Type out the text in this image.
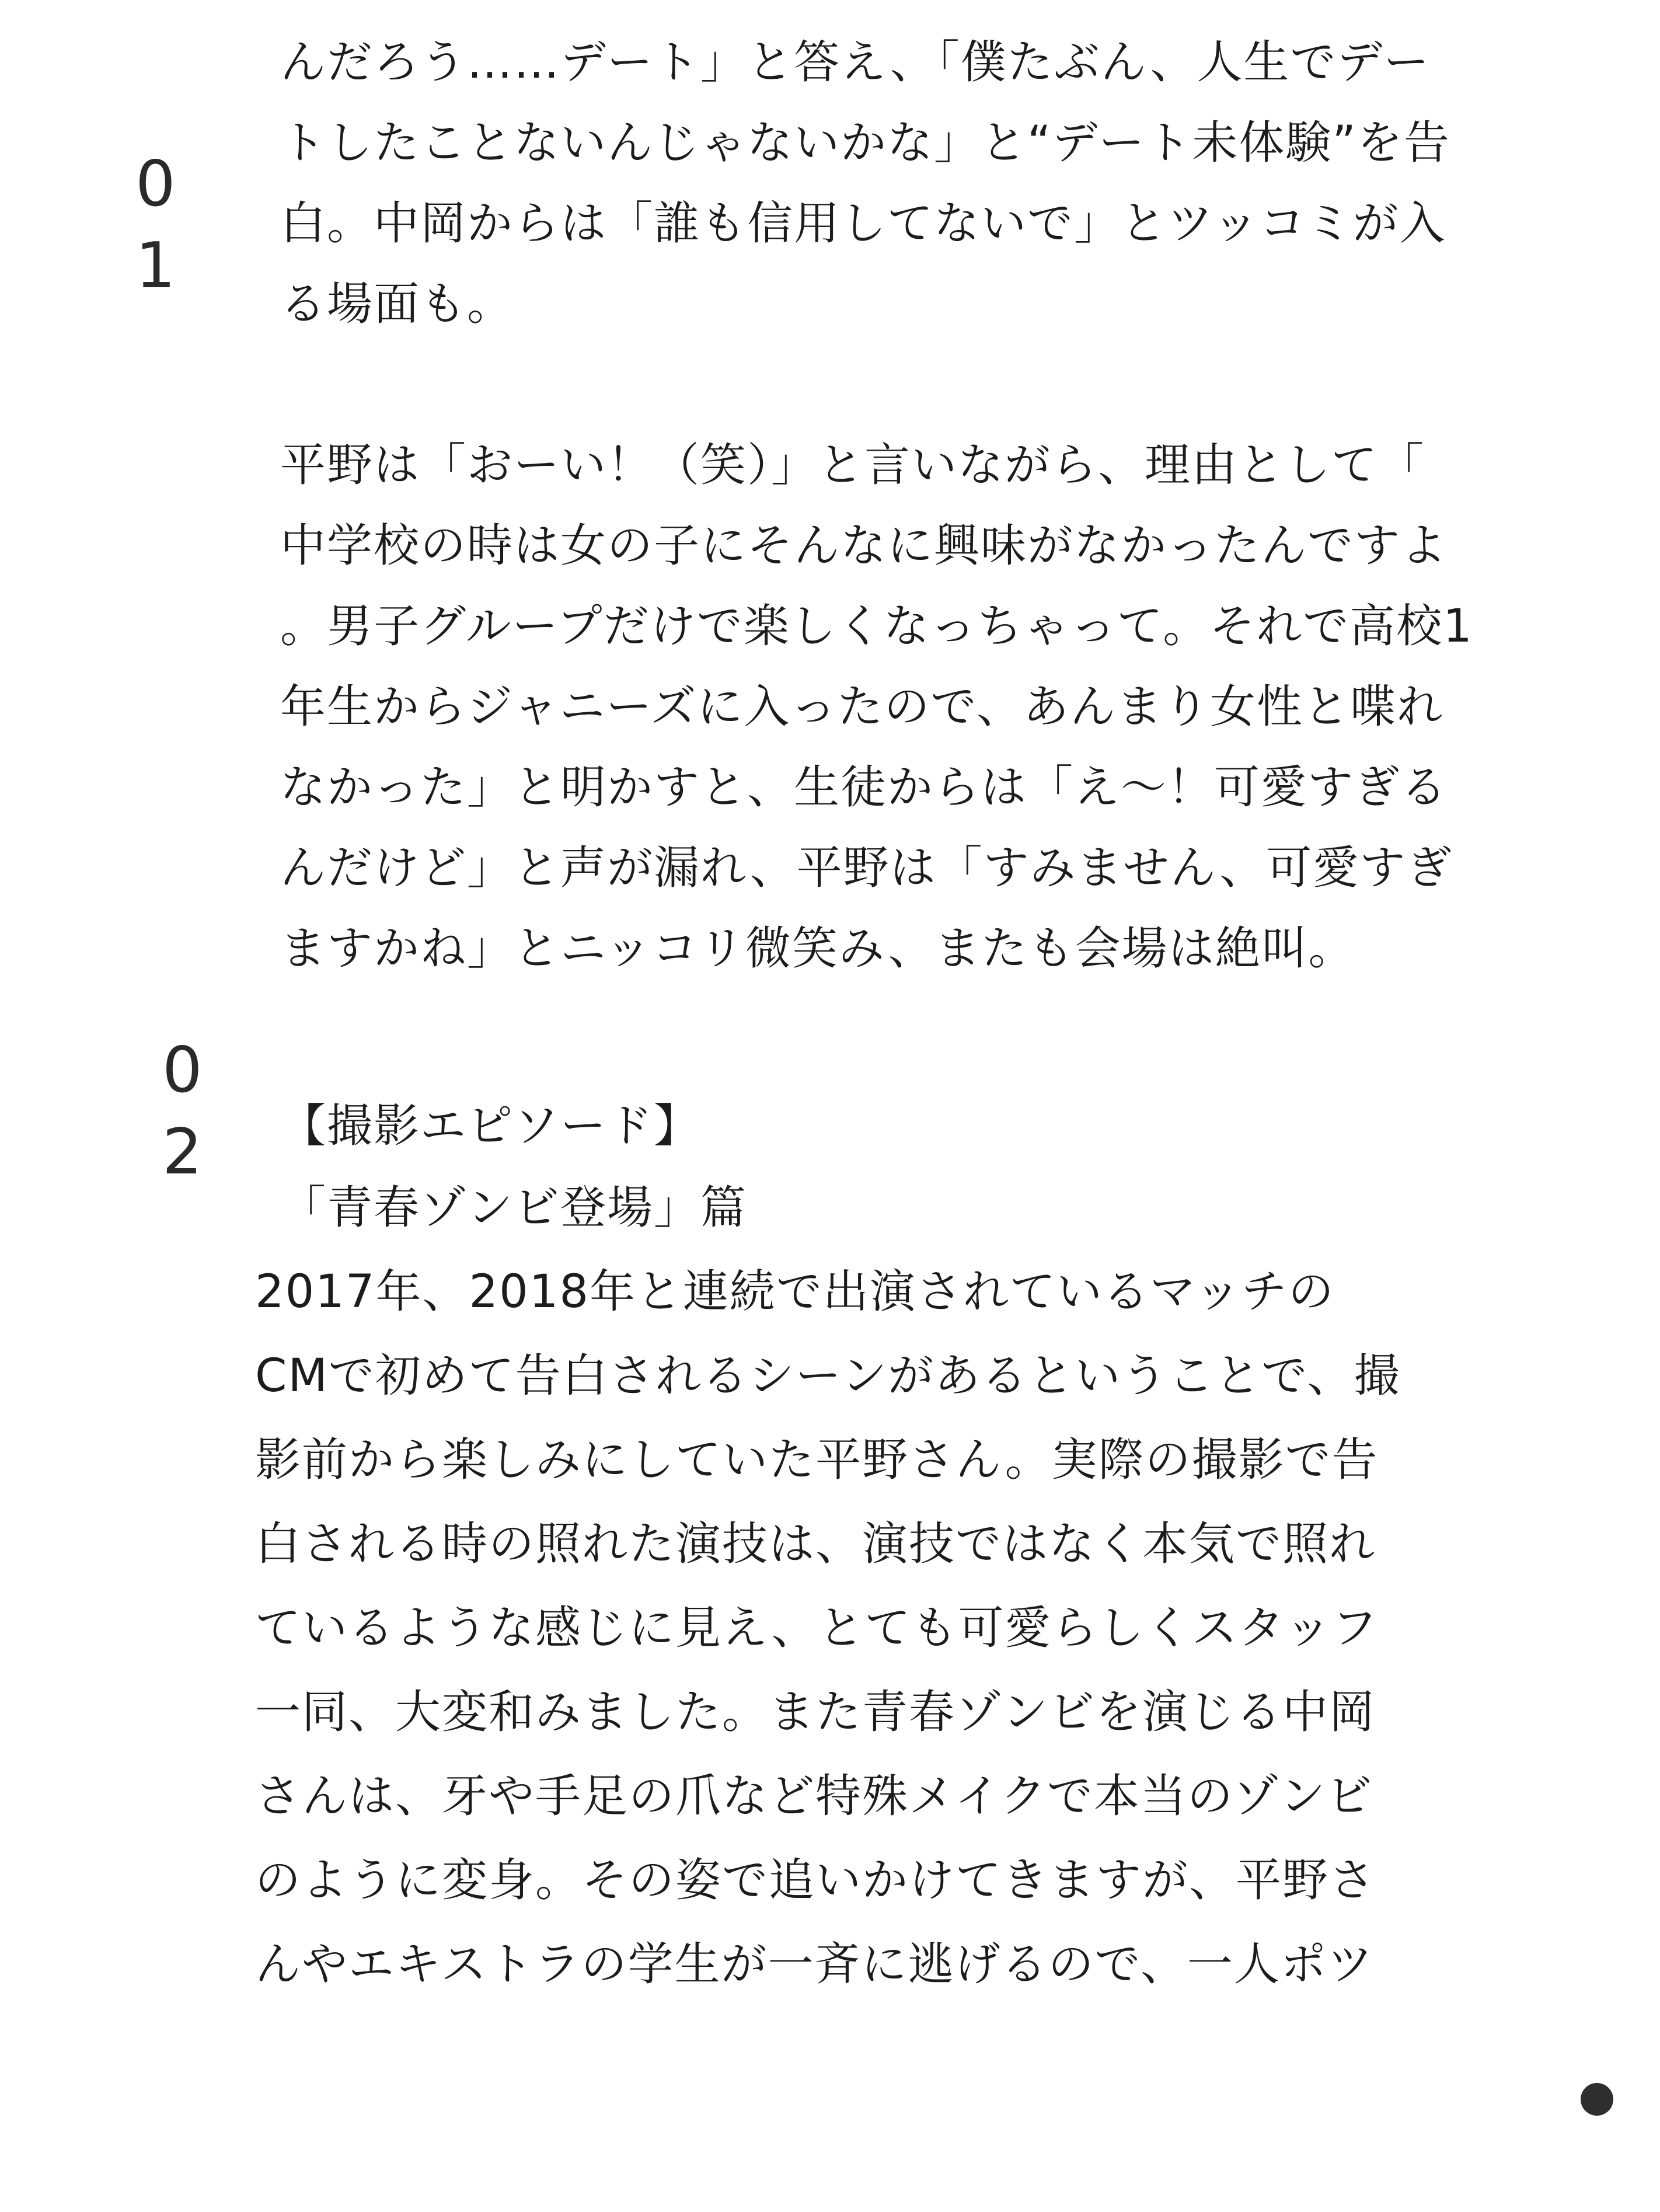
0
1
んだろう……デート」と答え、「僕たぶん、人生でデー
トしたことないんじゃないかな」と“デート未体験”を告
白。中岡からは「誰も信用してないで」とツッコミが入
る場面も。
平野は「おーい！（笑）」と言いながら、理由として「
中学校の時は女の子にそんなに興味がなかったんですよ
。男子グループだけで楽しくなっちゃって。それで高校1
年生からジャニーズに入ったので、あんまり女性と喋れ
なかった」と明かすと、生徒からは「え〜！可愛すぎる
んだけど」と声が漏れ、平野は「すみません、可愛すぎ
ますかね」とニッコリ微笑み、またも会場は絶叫。
0
2 【撮影エピソード】
「青春ゾンビ登場」篇
2017年、2018年と連続で出演されているマッチの
CMで初めて告白されるシーンがあるということで、撮
影前から楽しみにしていた平野さん。実際の撮影で告
白される時の照れた演技は、演技ではなく本気で照れ
ているような感じに見え、とても可愛らしくスタッフ
一同、大変和みました。また青春ゾンビを演じる中岡
さんは、牙や手足の爪など特殊メイクで本当のゾンビ
のように変身。その姿で追いかけてきますが、平野さ
んやエキストラの学生が一斉に逃げるので、一人ポツ
